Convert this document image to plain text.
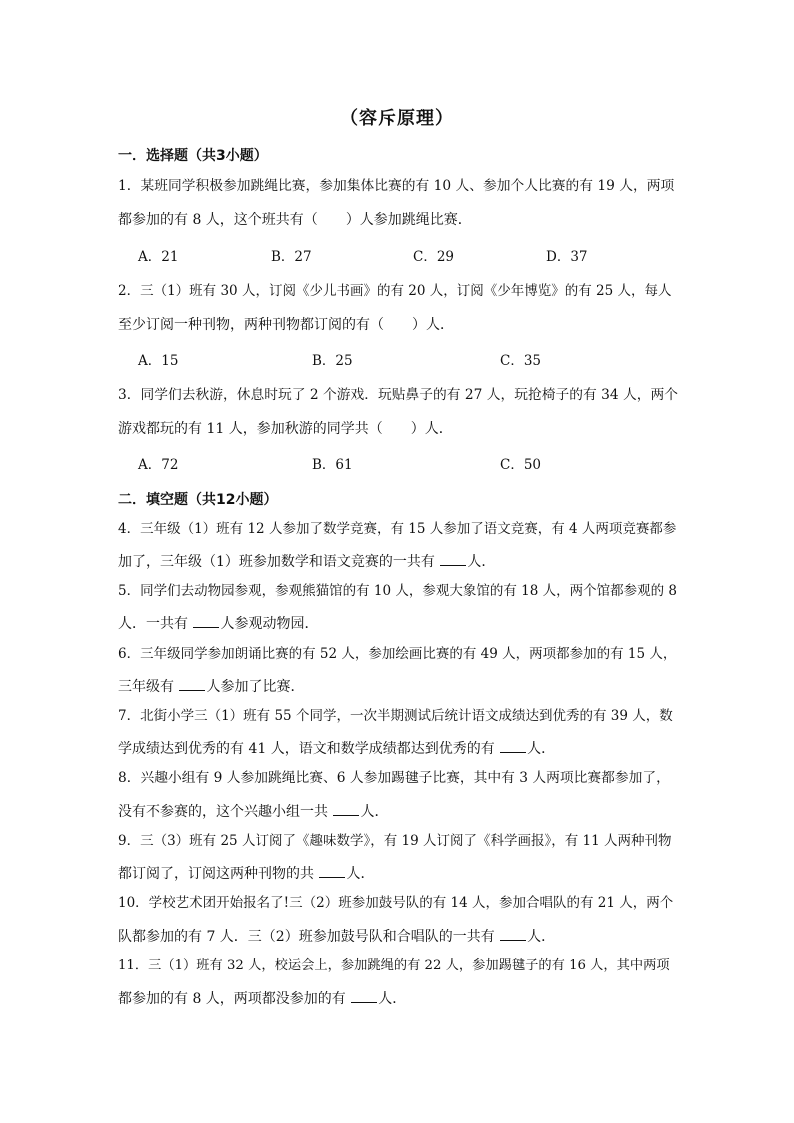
（容斥原理）
一．选择题（共3小题）
1．某班同学积极参加跳绳比赛，参加集体比赛的有 10 人、参加个人比赛的有 19 人，两项
都参加的有 8 人，这个班共有（ ）人参加跳绳比赛．
A．21	B．27	C．29	D．37
2．三（1）班有 30 人，订阅《少儿书画》的有 20 人，订阅《少年博览》的有 25 人，每人
至少订阅一种刊物，两种刊物都订阅的有（ ）人．
A．15	B．25	C．35
3．同学们去秋游，休息时玩了 2 个游戏．玩贴鼻子的有 27 人，玩抢椅子的有 34 人，两个
游戏都玩的有 11 人，参加秋游的同学共（ ）人．
A．72	B．61	C．50
二．填空题（共12小题）
4．三年级（1）班有 12 人参加了数学竞赛，有 15 人参加了语文竞赛，有 4 人两项竞赛都参
加了，三年级（1）班参加数学和语文竞赛的一共有 人．
5．同学们去动物园参观，参观熊猫馆的有 10 人，参观大象馆的有 18 人，两个馆都参观的 8
人．一共有 人参观动物园．
6．三年级同学参加朗诵比赛的有 52 人，参加绘画比赛的有 49 人，两项都参加的有 15 人，
三年级有 人参加了比赛．
7．北街小学三（1）班有 55 个同学，一次半期测试后统计语文成绩达到优秀的有 39 人，数
学成绩达到优秀的有 41 人，语文和数学成绩都达到优秀的有 人．
8．兴趣小组有 9 人参加跳绳比赛、6 人参加踢毽子比赛，其中有 3 人两项比赛都参加了，
没有不参赛的，这个兴趣小组一共 人．
9．三（3）班有 25 人订阅了《趣味数学》，有 19 人订阅了《科学画报》，有 11 人两种刊物
都订阅了，订阅这两种刊物的共 人．
10．学校艺术团开始报名了!三（2）班参加鼓号队的有 14 人，参加合唱队的有 21 人，两个
队都参加的有 7 人．三（2）班参加鼓号队和合唱队的一共有 人．
11．三（1）班有 32 人，校运会上，参加跳绳的有 22 人，参加踢毽子的有 16 人，其中两项
都参加的有 8 人，两项都没参加的有 人．
